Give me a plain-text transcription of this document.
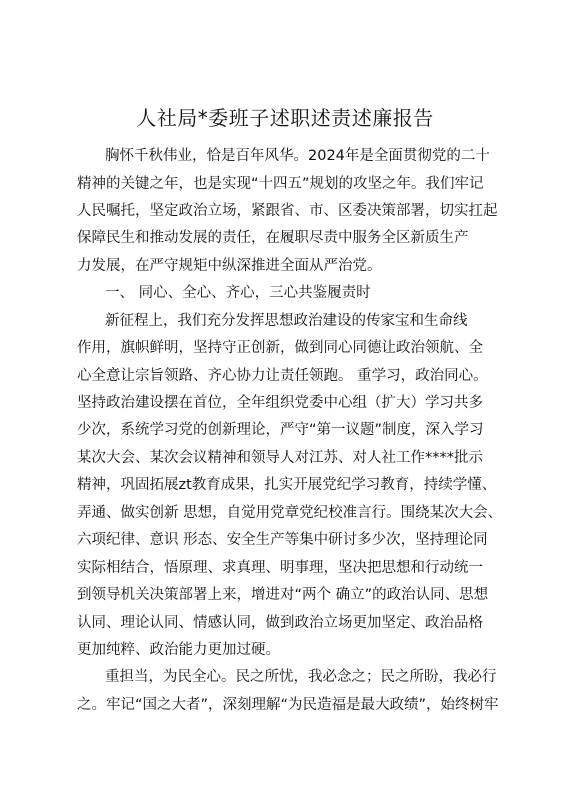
人社局*委班子述职述责述廉报告

胸怀千秋伟业，恰是百年风华。2024年是全面贯彻党的二十

精神的关键之年，也是实现“十四五”规划的攻坚之年。我们牢记

人民嘱托，坚定政治立场，紧跟省、市、区委决策部署，切实扛起

保障民生和推动发展的责任，在履职尽责中服务全区新质生产

力发展，在严守规矩中纵深推进全面从严治党。

一、 同心、全心、齐心，三心共鉴履责时

新征程上，我们充分发挥思想政治建设的传家宝和生命线

作用，旗帜鲜明，坚持守正创新，做到同心同德让政治领航、全

心全意让宗旨领路、齐心协力让责任领跑。 重学习，政治同心。

坚持政治建设摆在首位，全年组织党委中心组（扩大）学习共多

少次，系统学习党的创新理论，严守“第一议题”制度，深入学习

某次大会、某次会议精神和领导人对江苏、对人社工作****批示

精神，巩固拓展zt教育成果，扎实开展党纪学习教育，持续学懂、

弄通、做实创新 思想，自觉用党章党纪校准言行。围绕某次大会、

六项纪律、意识 形态、安全生产等集中研讨多少次，坚持理论同

实际相结合，悟原理、求真理、明事理，坚决把思想和行动统一

到领导机关决策部署上来，增进对“两个 确立”的政治认同、思想

认同、理论认同、情感认同，做到政治立场更加坚定、政治品格

更加纯粹、政治能力更加过硬。

重担当，为民全心。民之所忧，我必念之；民之所盼，我必行

之。牢记“国之大者”，深刻理解“为民造福是最大政绩”，始终树牢
